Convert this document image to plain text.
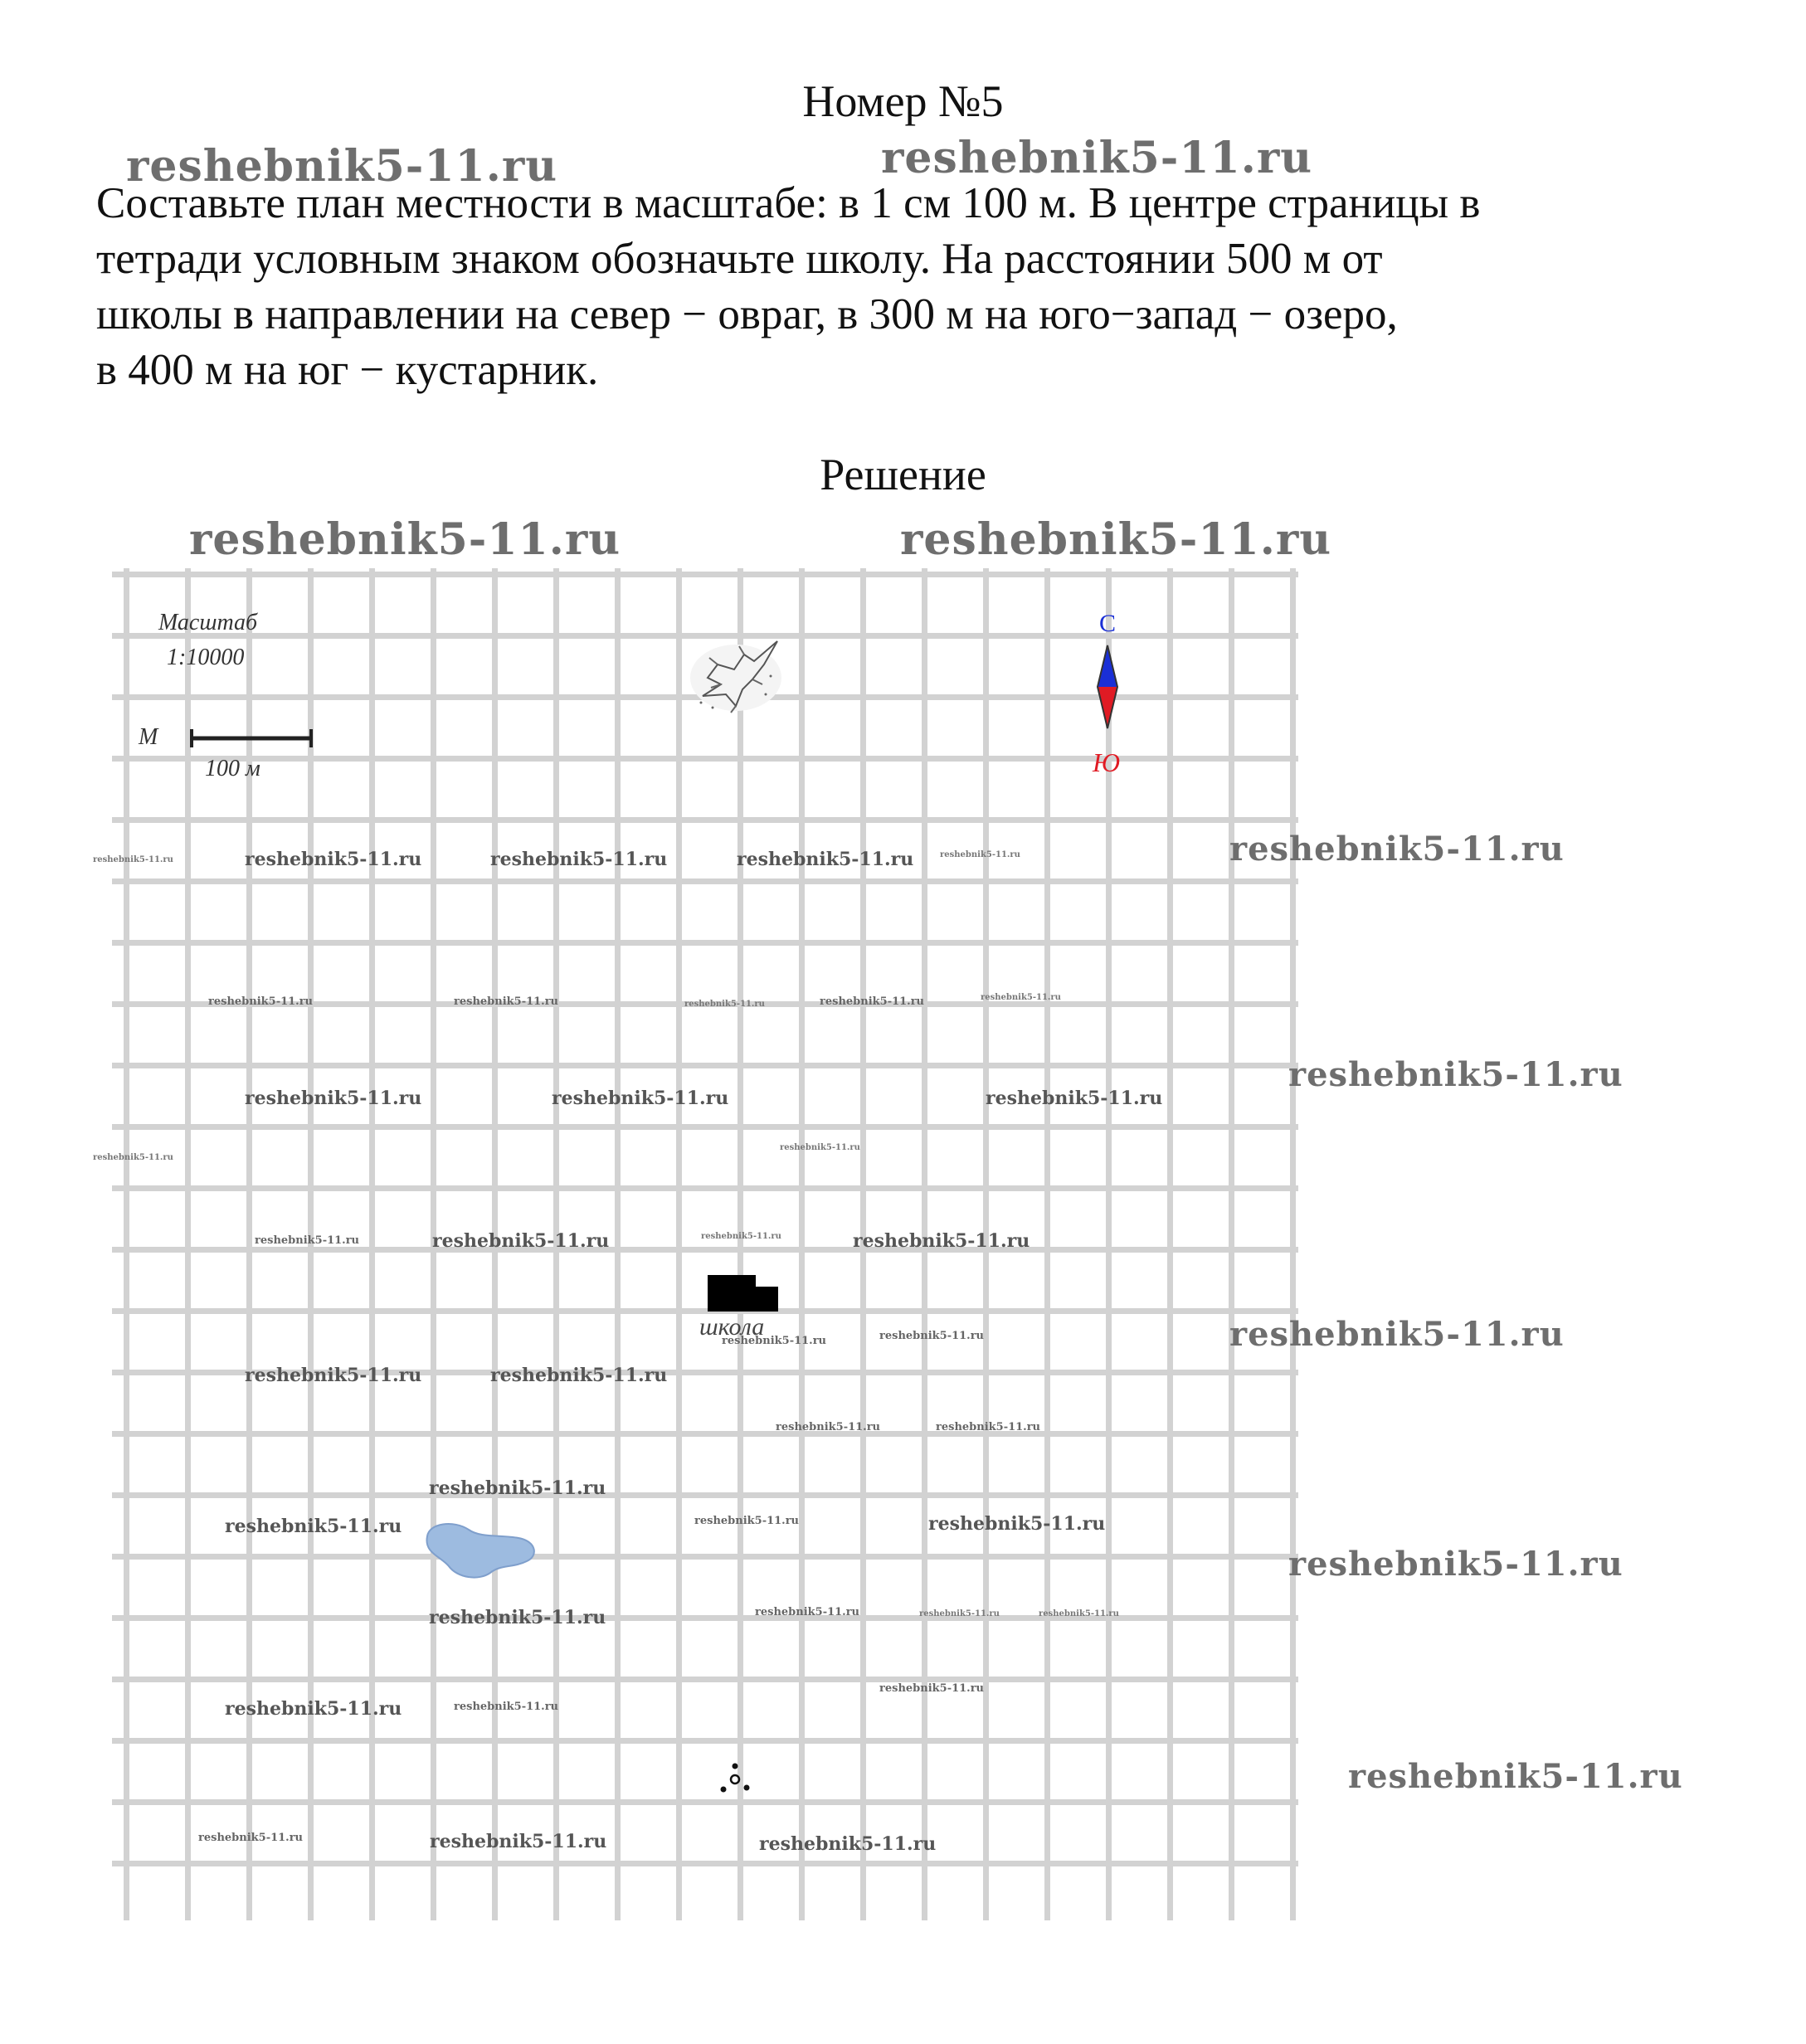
Номер №5

Составьте план местности в масштабе: в 1 см 100 м. В центре страницы в
тетради условным знаком обозначьте школу. На расстоянии 500 м от
школы в направлении на север − овраг, в 300 м на юго−запад − озеро,
в 400 м на юг − кустарник.

Решение
reshebnik5-11.ru	reshebnik5-11.ru
reshebnik5-11.ru	reshebnik5-11.ru
Масштаб
1:10000
М
100 м
С
Ю
школа
reshebnik5-11.ru	reshebnik5-11.ru	reshebnik5-11.ru	reshebnik5-11.ru
reshebnik5-11.ru
reshebnik5-11.ru	reshebnik5-11.ru	reshebnik5-11.ru	reshebnik5-11.ru	reshebnik5-11.ru
reshebnik5-11.ru	reshebnik5-11.ru	reshebnik5-11.ru
reshebnik5-11.ru
reshebnik5-11.ru
reshebnik5-11.ru	reshebnik5-11.ru	reshebnik5-11.ru	reshebnik5-11.ru
reshebnik5-11.ru	reshebnik5-11.ru
reshebnik5-11.ru	reshebnik5-11.ru
reshebnik5-11.ru	reshebnik5-11.ru
reshebnik5-11.ru
reshebnik5-11.ru	reshebnik5-11.ru	reshebnik5-11.ru
reshebnik5-11.ru	reshebnik5-11.ru	reshebnik5-11.ru	reshebnik5-11.ru
reshebnik5-11.ru
reshebnik5-11.ru	reshebnik5-11.ru
reshebnik5-11.ru	reshebnik5-11.ru	reshebnik5-11.ru
reshebnik5-11.ru
reshebnik5-11.ru
reshebnik5-11.ru
reshebnik5-11.ru
reshebnik5-11.ru
